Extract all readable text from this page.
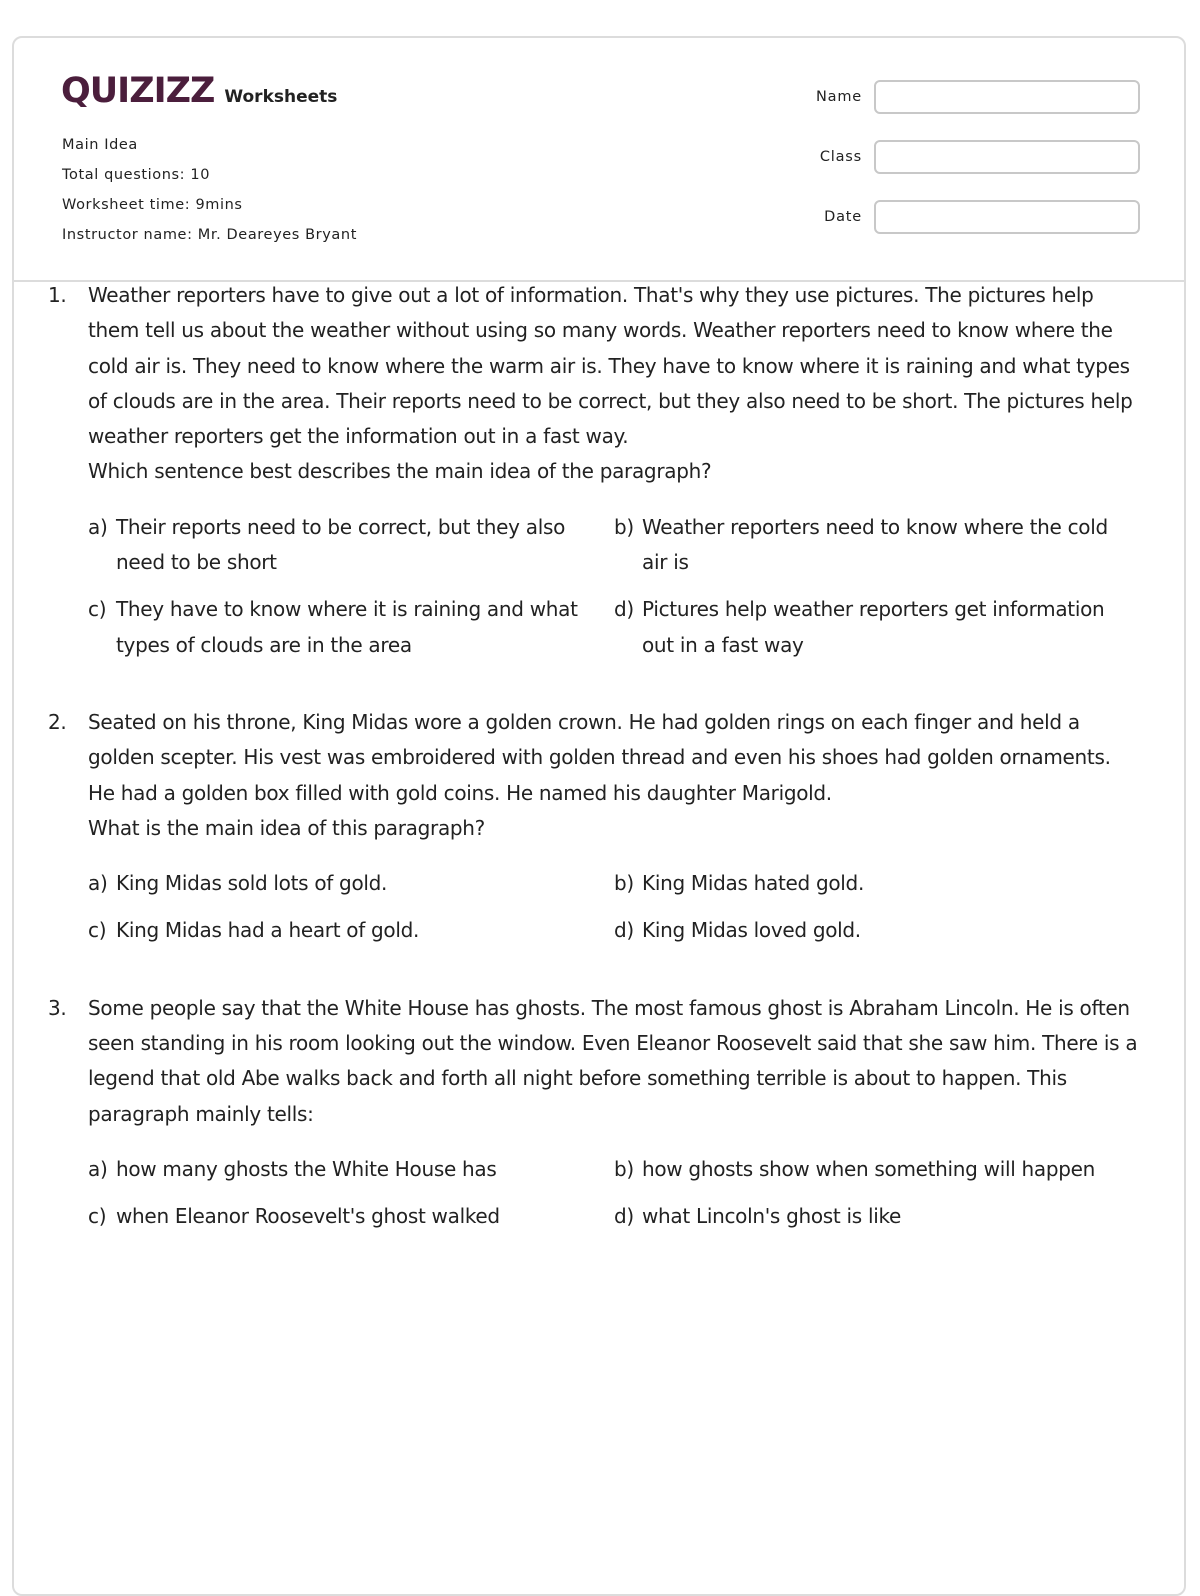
QUIZIZZ Worksheets
Main Idea
Total questions: 10
Worksheet time: 9mins
Instructor name: Mr. Deareyes Bryant
Name
Class
Date
1.	Weather reporters have to give out a lot of information. That's why they use pictures. The pictures help them tell us about the weather without using so many words. Weather reporters need to know where the cold air is. They need to know where the warm air is. They have to know where it is raining and what types of clouds are in the area. Their reports need to be correct, but they also need to be short. The pictures help weather reporters get the information out in a fast way.
Which sentence best describes the main idea of the paragraph?
a) Their reports need to be correct, but they also need to be short
b) Weather reporters need to know where the cold air is
c) They have to know where it is raining and what types of clouds are in the area
d) Pictures help weather reporters get information out in a fast way
2.	Seated on his throne, King Midas wore a golden crown. He had golden rings on each finger and held a golden scepter. His vest was embroidered with golden thread and even his shoes had golden ornaments. He had a golden box filled with gold coins. He named his daughter Marigold.
What is the main idea of this paragraph?
a) King Midas sold lots of gold.	b) King Midas hated gold.
c) King Midas had a heart of gold.	d) King Midas loved gold.
3.	Some people say that the White House has ghosts. The most famous ghost is Abraham Lincoln. He is often seen standing in his room looking out the window. Even Eleanor Roosevelt said that she saw him. There is a legend that old Abe walks back and forth all night before something terrible is about to happen. This paragraph mainly tells:
a) how many ghosts the White House has	b) how ghosts show when something will happen
c) when Eleanor Roosevelt's ghost walked	d) what Lincoln's ghost is like
